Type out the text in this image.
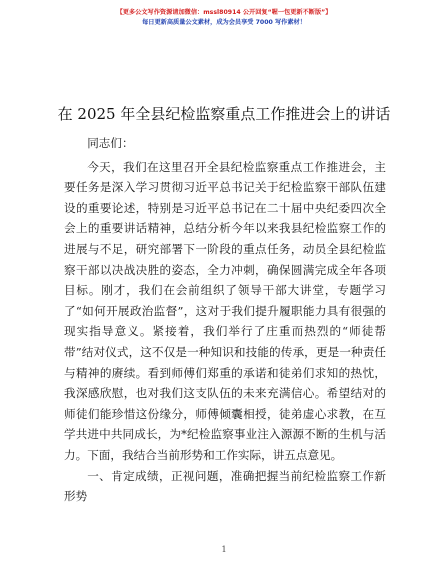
【更多公文写作资源请加微信：mssl80914 公开回复“喔一包更新不断版”】
每日更新高质量公文素材，成为会员享受 7000 写作素材！
在 2025 年全县纪检监察重点工作推进会上的讲话

同志们：

今天，我们在这里召开全县纪检监察重点工作推进会，主要任务是深入学习贯彻习近平总书记关于纪检监察干部队伍建设的重要论述，特别是习近平总书记在二十届中央纪委四次全会上的重要讲话精神，总结分析今年以来我县纪检监察工作的进展与不足，研究部署下一阶段的重点任务，动员全县纪检监察干部以决战决胜的姿态，全力冲刺，确保圆满完成全年各项目标。刚才，我们在会前组织了领导干部大讲堂，专题学习了“如何开展政治监督”，这对于我们提升履职能力具有很强的现实指导意义。紧接着，我们举行了庄重而热烈的“师徒帮带”结对仪式，这不仅是一种知识和技能的传承，更是一种责任与精神的赓续。看到师傅们郑重的承诺和徒弟们求知的热忱，我深感欣慰，也对我们这支队伍的未来充满信心。希望结对的师徒们能珍惜这份缘分，师傅倾囊相授，徒弟虚心求教，在互学共进中共同成长，为*纪检监察事业注入源源不断的生机与活力。下面，我结合当前形势和工作实际，讲五点意见。

一、肯定成绩，正视问题，准确把握当前纪检监察工作新形势

1
